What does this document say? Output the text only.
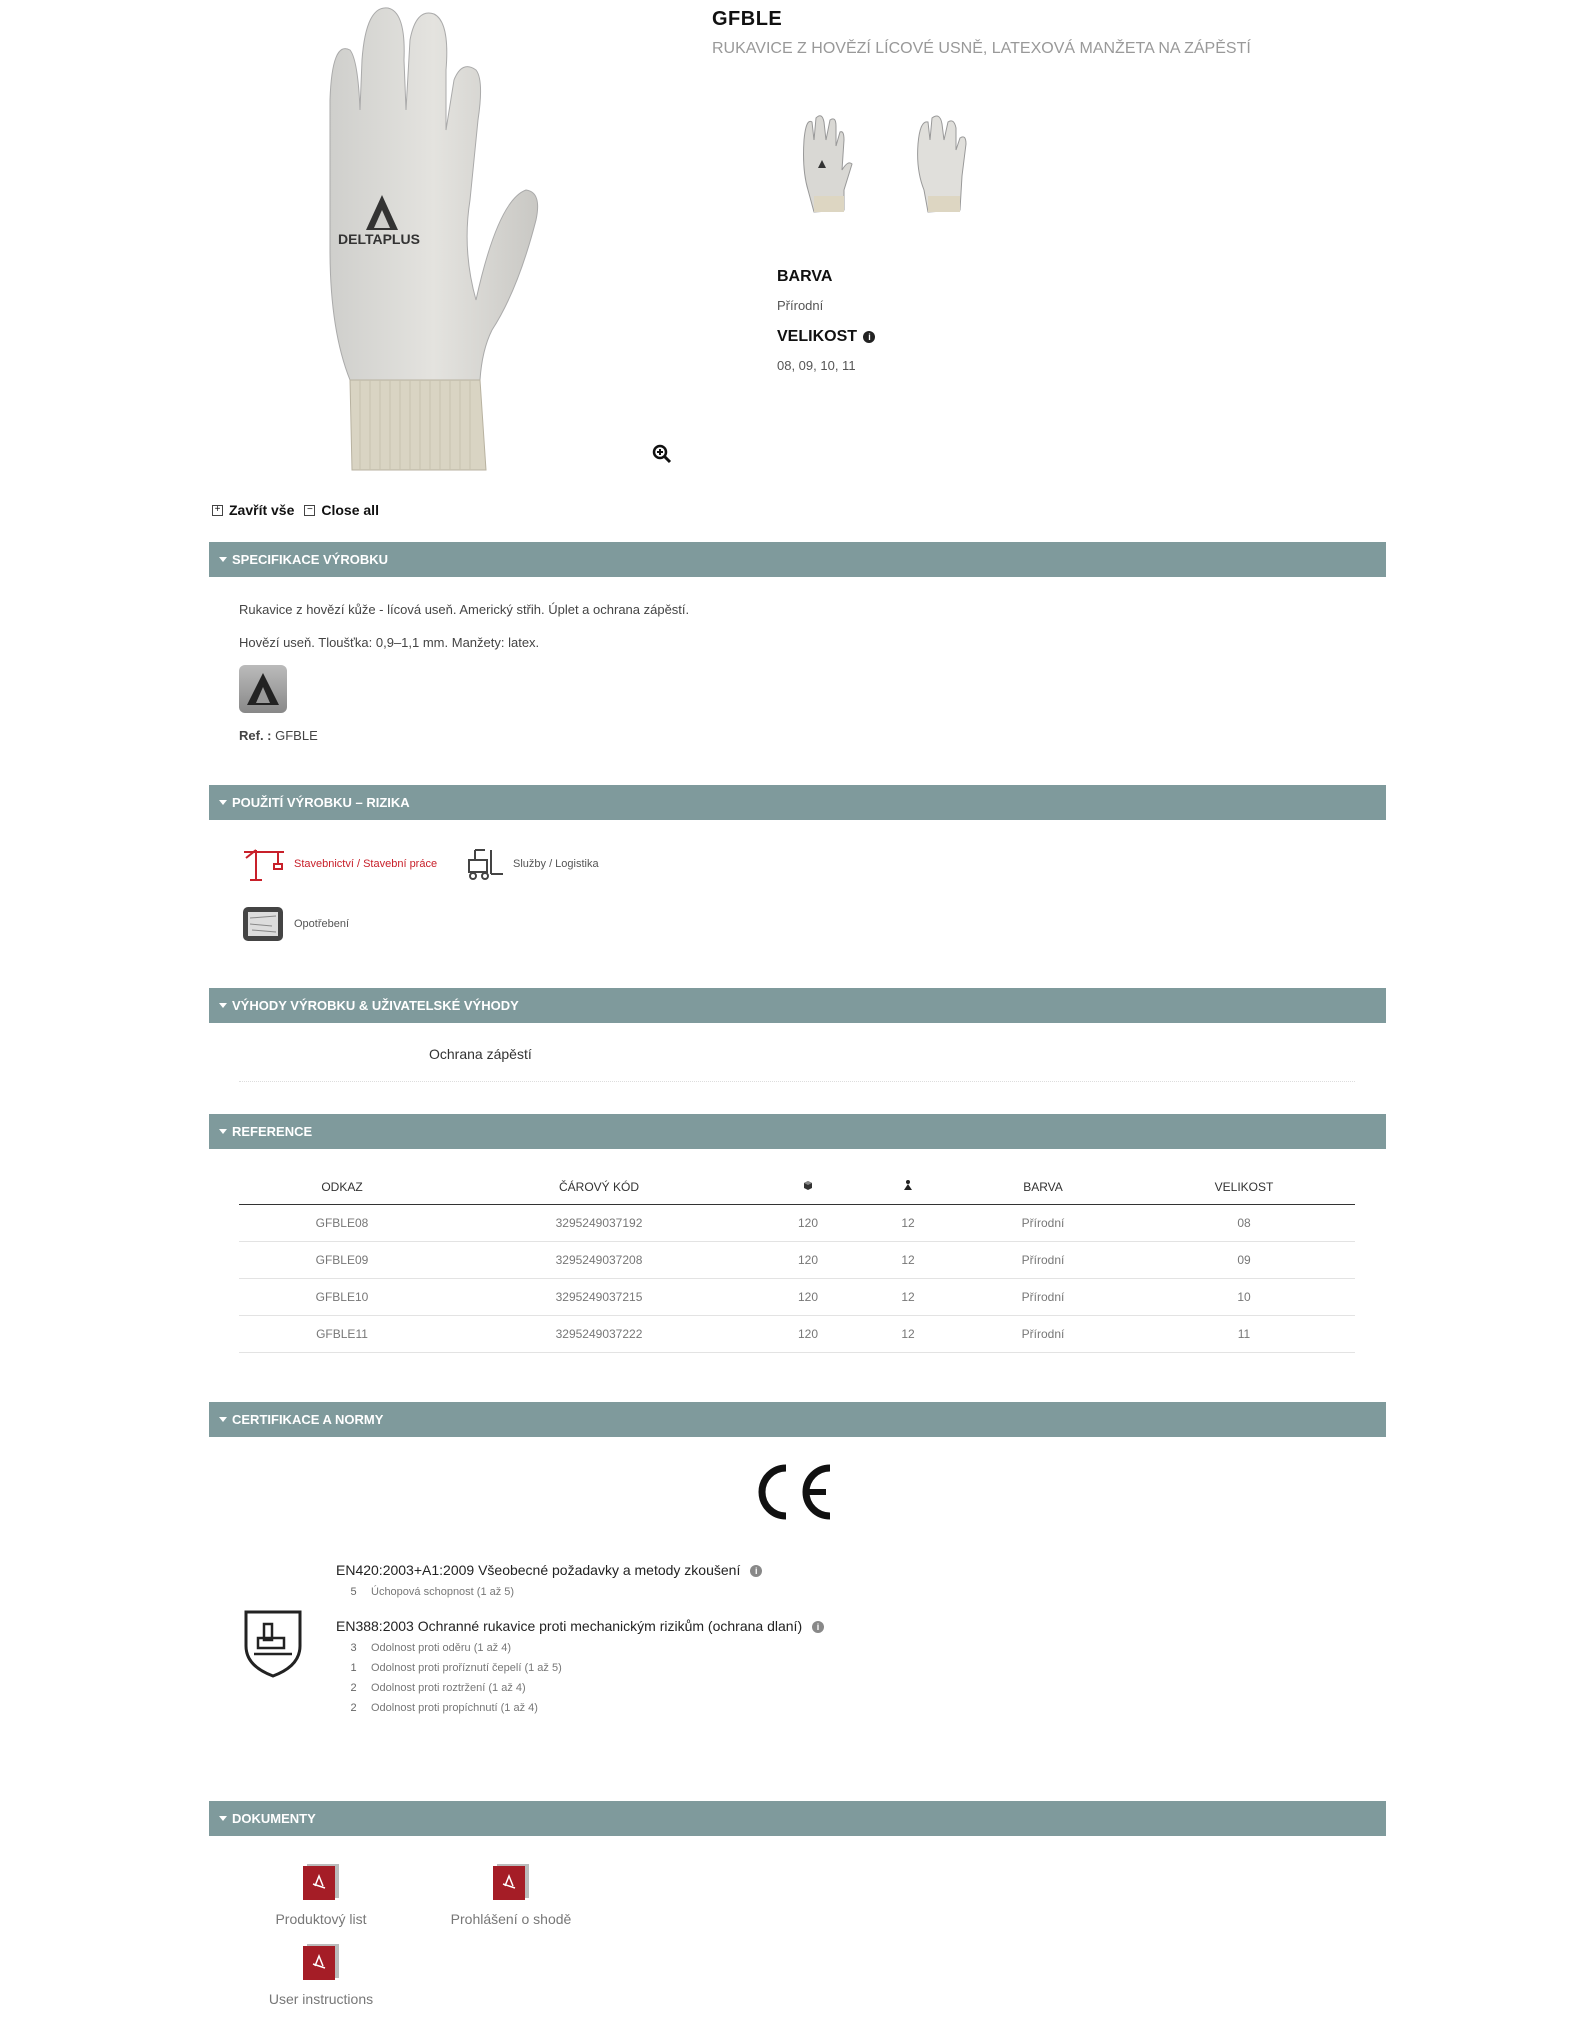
DELTAPLUS
GFBLE
RUKAVICE Z HOVĚZÍ LÍCOVÉ USNĚ, LATEXOVÁ MANŽETA NA ZÁPĚSTÍ
BARVA
Přírodní
VELIKOST i
08, 09, 10, 11
+ Zavřít vše − Close all
SPECIFIKACE VÝROBKU
Rukavice z hovězí kůže - lícová useň. Americký střih. Úplet a ochrana zápěstí.
Hovězí useň. Tloušťka: 0,9–1,1 mm. Manžety: latex.
Ref. : GFBLE
POUŽITÍ VÝROBKU – RIZIKA
Stavebnictví / Stavební práce	Služby / Logistika
Opotřebení
VÝHODY VÝROBKU & UŽIVATELSKÉ VÝHODY
Ochrana zápěstí
REFERENCE
ODKAZ	ČÁROVÝ KÓD			BARVA	VELIKOST
GFBLE08	3295249037192	120	12	Přírodní	08
GFBLE09	3295249037208	120	12	Přírodní	09
GFBLE10	3295249037215	120	12	Přírodní	10
GFBLE11	3295249037222	120	12	Přírodní	11
CERTIFIKACE A NORMY
EN420:2003+A1:2009 Všeobecné požadavky a metody zkoušení i
5 Úchopová schopnost (1 až 5)
EN388:2003 Ochranné rukavice proti mechanickým rizikům (ochrana dlaní) i
3 Odolnost proti oděru (1 až 4)
1 Odolnost proti proříznutí čepelí (1 až 5)
2 Odolnost proti roztržení (1 až 4)
2 Odolnost proti propíchnutí (1 až 4)
DOKUMENTY
Produktový list	Prohlášení o shodě
User instructions
